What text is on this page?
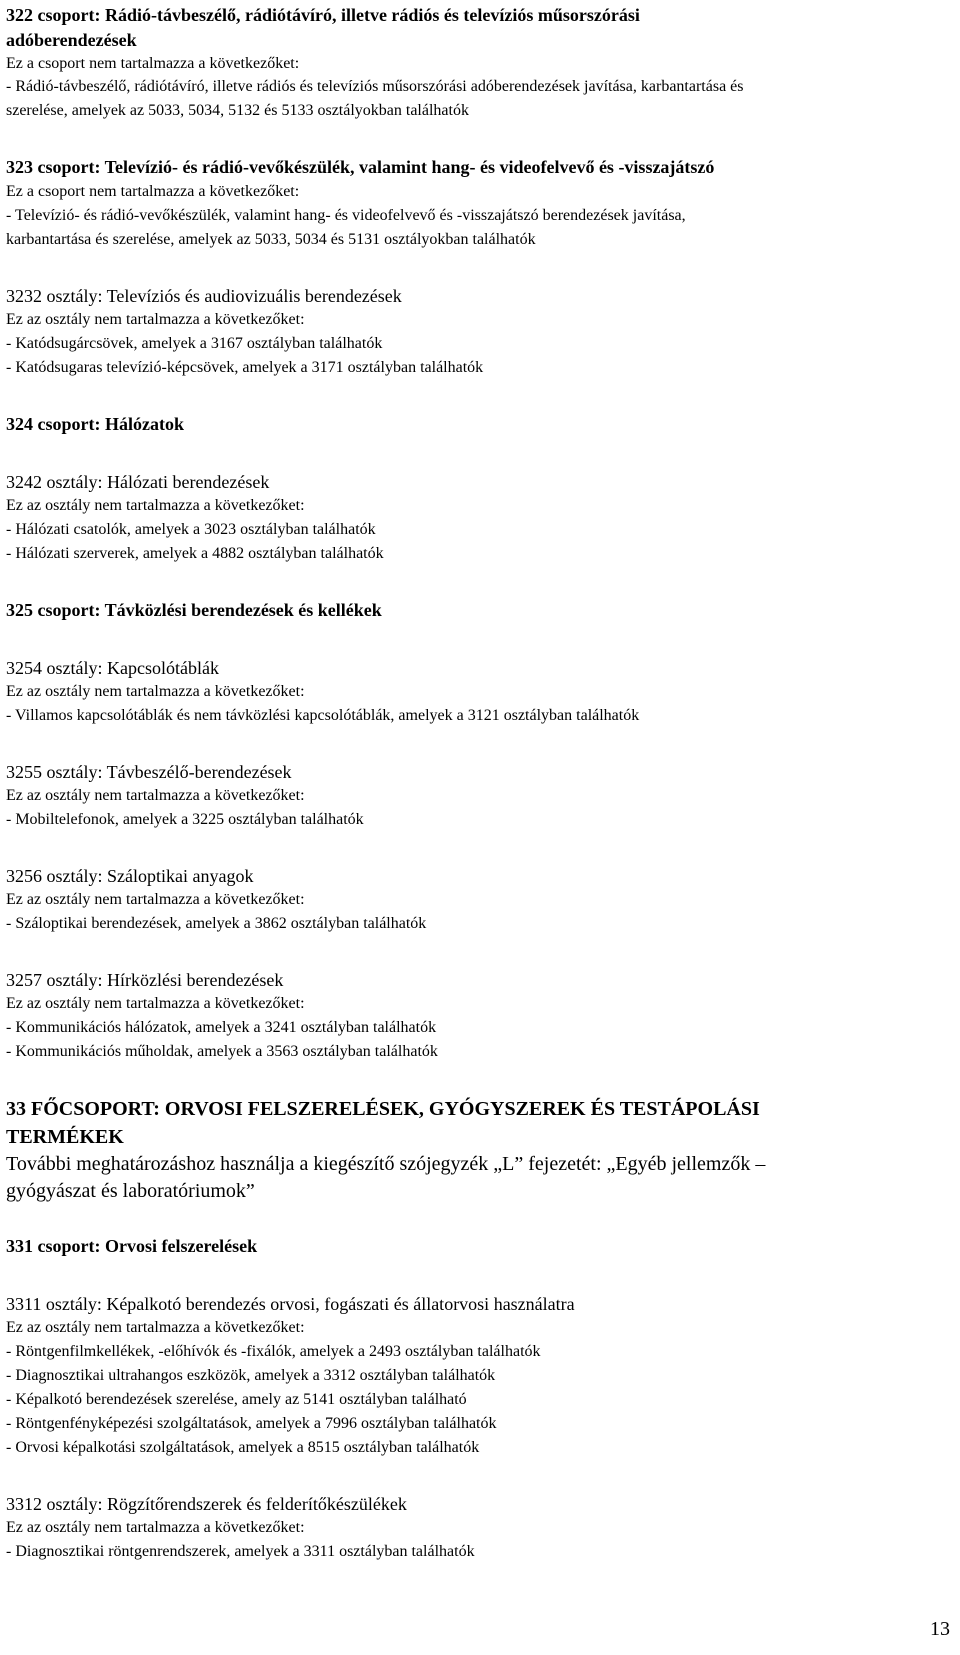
322 csoport: Rádió-távbeszélő, rádiótávíró, illetve rádiós és televíziós műsorszórási
adóberendezések
Ez a csoport nem tartalmazza a következőket:
- Rádió-távbeszélő, rádiótávíró, illetve rádiós és televíziós műsorszórási adóberendezések javítása, karbantartása és
szerelése, amelyek az 5033, 5034, 5132 és 5133 osztályokban találhatók
323 csoport: Televízió- és rádió-vevőkészülék, valamint hang- és videofelvevő és -visszajátszó
Ez a csoport nem tartalmazza a következőket:
- Televízió- és rádió-vevőkészülék, valamint hang- és videofelvevő és -visszajátszó berendezések javítása,
karbantartása és szerelése, amelyek az 5033, 5034 és 5131 osztályokban találhatók
3232 osztály: Televíziós és audiovizuális berendezések
Ez az osztály nem tartalmazza a következőket:
- Katódsugárcsövek, amelyek a 3167 osztályban találhatók
- Katódsugaras televízió-képcsövek, amelyek a 3171 osztályban találhatók
324 csoport: Hálózatok
3242 osztály: Hálózati berendezések
Ez az osztály nem tartalmazza a következőket:
- Hálózati csatolók, amelyek a 3023 osztályban találhatók
- Hálózati szerverek, amelyek a 4882 osztályban találhatók
325 csoport: Távközlési berendezések és kellékek
3254 osztály: Kapcsolótáblák
Ez az osztály nem tartalmazza a következőket:
- Villamos kapcsolótáblák és nem távközlési kapcsolótáblák, amelyek a 3121 osztályban találhatók
3255 osztály: Távbeszélő-berendezések
Ez az osztály nem tartalmazza a következőket:
- Mobiltelefonok, amelyek a 3225 osztályban találhatók
3256 osztály: Száloptikai anyagok
Ez az osztály nem tartalmazza a következőket:
- Száloptikai berendezések, amelyek a 3862 osztályban találhatók
3257 osztály: Hírközlési berendezések
Ez az osztály nem tartalmazza a következőket:
- Kommunikációs hálózatok, amelyek a 3241 osztályban találhatók
- Kommunikációs műholdak, amelyek a 3563 osztályban találhatók
33 FŐCSOPORT: ORVOSI FELSZERELÉSEK, GYÓGYSZEREK ÉS TESTÁPOLÁSI
TERMÉKEK
További meghatározáshoz használja a kiegészítő szójegyzék „L” fejezetét: „Egyéb jellemzők –
gyógyászat és laboratóriumok”
331 csoport: Orvosi felszerelések
3311 osztály: Képalkotó berendezés orvosi, fogászati és állatorvosi használatra
Ez az osztály nem tartalmazza a következőket:
- Röntgenfilmkellékek, -előhívók és -fixálók, amelyek a 2493 osztályban találhatók
- Diagnosztikai ultrahangos eszközök, amelyek a 3312 osztályban találhatók
- Képalkotó berendezések szerelése, amely az 5141 osztályban található
- Röntgenfényképezési szolgáltatások, amelyek a 7996 osztályban találhatók
- Orvosi képalkotási szolgáltatások, amelyek a 8515 osztályban találhatók
3312 osztály: Rögzítőrendszerek és felderítőkészülékek
Ez az osztály nem tartalmazza a következőket:
- Diagnosztikai röntgenrendszerek, amelyek a 3311 osztályban találhatók
13
